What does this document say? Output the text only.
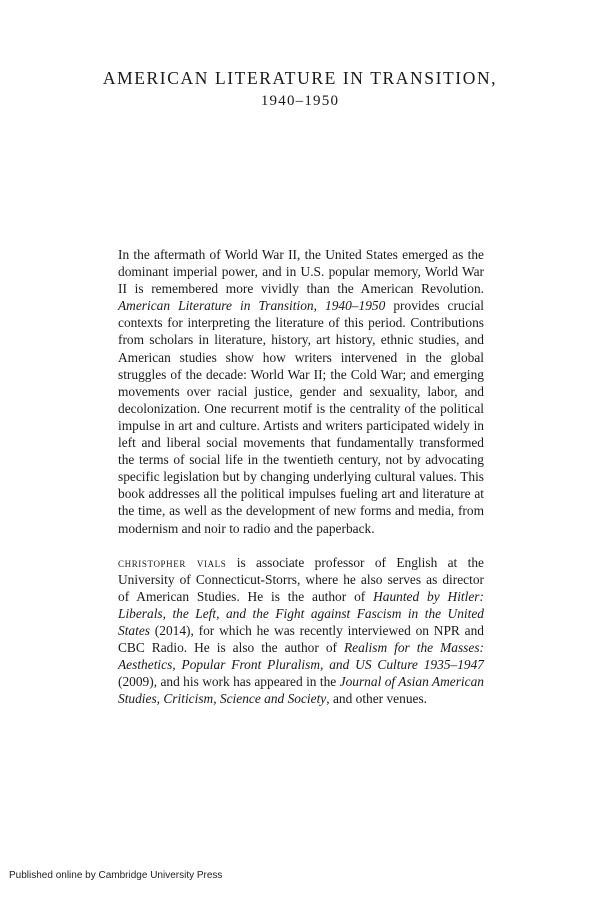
AMERICAN LITERATURE IN TRANSITION,
1940–1950

In the aftermath of World War II, the United States emerged as the dominant imperial power, and in U.S. popular memory, World War II is remembered more vividly than the American Revolution. American Literature in Transition, 1940–1950 provides crucial contexts for interpreting the literature of this period. Contributions from scholars in literature, history, art history, ethnic studies, and American studies show how writers intervened in the global struggles of the decade: World War II; the Cold War; and emerging movements over racial justice, gender and sexuality, labor, and decolonization. One recurrent motif is the centrality of the political impulse in art and culture. Artists and writers participated widely in left and liberal social movements that fundamentally transformed the terms of social life in the twentieth century, not by advocating specific legislation but by changing underlying cultural values. This book addresses all the political impulses fueling art and literature at the time, as well as the development of new forms and media, from modernism and noir to radio and the paperback.

christopher vials is associate professor of English at the University of Connecticut-Storrs, where he also serves as director of American Studies. He is the author of Haunted by Hitler: Liberals, the Left, and the Fight against Fascism in the United States (2014), for which he was recently interviewed on NPR and CBC Radio. He is also the author of Realism for the Masses: Aesthetics, Popular Front Pluralism, and US Culture 1935–1947 (2009), and his work has appeared in the Journal of Asian American Studies, Criticism, Science and Society, and other venues.

Published online by Cambridge University Press
